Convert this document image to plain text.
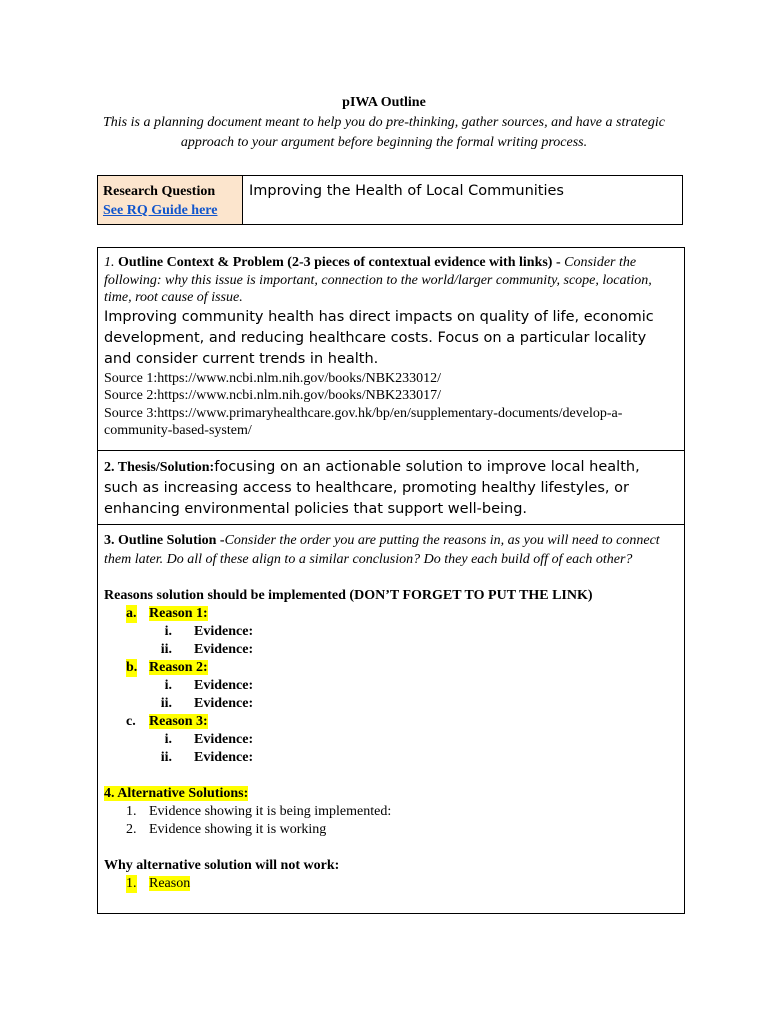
pIWA Outline
This is a planning document meant to help you do pre-thinking, gather sources, and have a strategic approach to your argument before beginning the formal writing process.
Research Question
See RQ Guide here
Improving the Health of Local Communities
1. Outline Context & Problem (2-3 pieces of contextual evidence with links) - Consider the following: why this issue is important, connection to the world/larger community, scope, location, time, root cause of issue.
Improving community health has direct impacts on quality of life, economic development, and reducing healthcare costs. Focus on a particular locality and consider current trends in health.
Source 1:https://www.ncbi.nlm.nih.gov/books/NBK233012/
Source 2:https://www.ncbi.nlm.nih.gov/books/NBK233017/
Source 3:https://www.primaryhealthcare.gov.hk/bp/en/supplementary-documents/develop-a-community-based-system/
2. Thesis/Solution:focusing on an actionable solution to improve local health, such as increasing access to healthcare, promoting healthy lifestyles, or enhancing environmental policies that support well-being.
3. Outline Solution -Consider the order you are putting the reasons in, as you will need to connect them later. Do all of these align to a similar conclusion? Do they each build off of each other?
Reasons solution should be implemented (DON’T FORGET TO PUT THE LINK)
a. Reason 1:
i. Evidence:
ii. Evidence:
b. Reason 2:
i. Evidence:
ii. Evidence:
c. Reason 3:
i. Evidence:
ii. Evidence:
4. Alternative Solutions:
1. Evidence showing it is being implemented:
2. Evidence showing it is working
Why alternative solution will not work:
1. Reason
